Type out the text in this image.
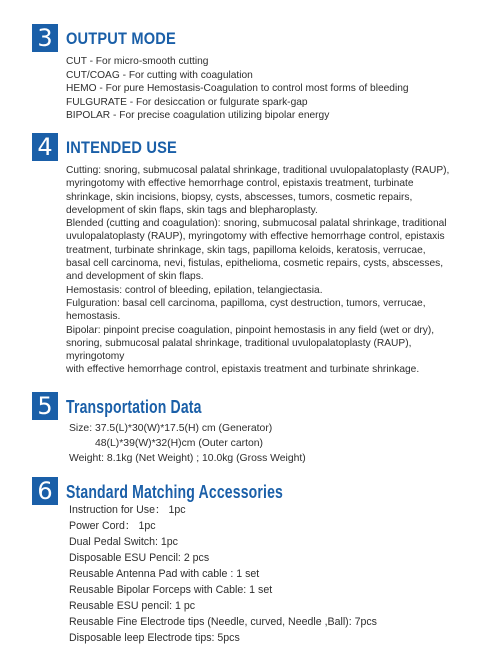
3 OUTPUT MODE
CUT - For micro-smooth cutting
CUT/COAG - For cutting with coagulation
HEMO - For pure Hemostasis-Coagulation to control most forms of bleeding
FULGURATE - For desiccation or fulgurate spark-gap
BIPOLAR - For precise coagulation utilizing bipolar energy
4 INTENDED USE
Cutting: snoring, submucosal palatal shrinkage, traditional uvulopalatoplasty (RAUP),
myringotomy with effective hemorrhage control, epistaxis treatment, turbinate
shrinkage, skin incisions, biopsy, cysts, abscesses, tumors, cosmetic repairs,
development of skin flaps, skin tags and blepharoplasty.
Blended (cutting and coagulation): snoring, submucosal palatal shrinkage, traditional
uvulopalatoplasty (RAUP), myringotomy with effective hemorrhage control, epistaxis
treatment, turbinate shrinkage, skin tags, papilloma keloids, keratosis, verrucae,
basal cell carcinoma, nevi, fistulas, epithelioma, cosmetic repairs, cysts, abscesses,
and development of skin flaps.
Hemostasis: control of bleeding, epilation, telangiectasia.
Fulguration: basal cell carcinoma, papilloma, cyst destruction, tumors, verrucae,
hemostasis.
Bipolar: pinpoint precise coagulation, pinpoint hemostasis in any field (wet or dry),
snoring, submucosal palatal shrinkage, traditional uvulopalatoplasty (RAUP),
myringotomy
with effective hemorrhage control, epistaxis treatment and turbinate shrinkage.
5 Transportation Data
Size: 37.5(L)*30(W)*17.5(H) cm (Generator)
48(L)*39(W)*32(H)cm (Outer carton)
Weight: 8.1kg (Net Weight) ; 10.0kg (Gross Weight)
6 Standard Matching Accessories
Instruction for Use： 1pc
Power Cord： 1pc
Dual Pedal Switch: 1pc
Disposable ESU Pencil: 2 pcs
Reusable Antenna Pad with cable : 1 set
Reusable Bipolar Forceps with Cable: 1 set
Reusable ESU pencil: 1 pc
Reusable Fine Electrode tips (Needle, curved, Needle ,Ball): 7pcs
Disposable leep Electrode tips: 5pcs
